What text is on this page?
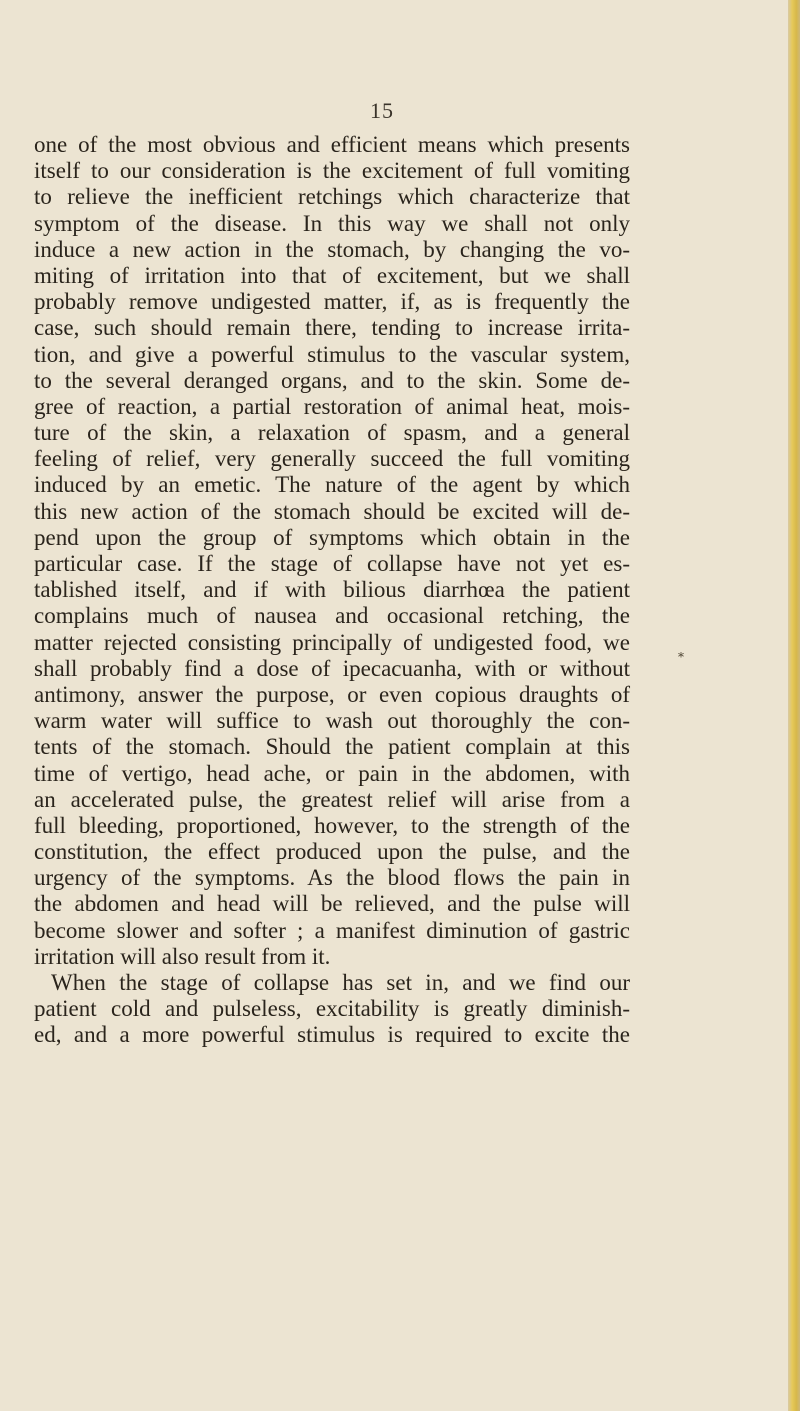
15
one of the most obvious and efficient means which presents
itself to our consideration is the excitement of full vomiting
to relieve the inefficient retchings which characterize that
symptom of the disease. In this way we shall not only
induce a new action in the stomach, by changing the vo-
miting of irritation into that of excitement, but we shall
probably remove undigested matter, if, as is frequently the
case, such should remain there, tending to increase irrita-
tion, and give a powerful stimulus to the vascular system,
to the several deranged organs, and to the skin. Some de-
gree of reaction, a partial restoration of animal heat, mois-
ture of the skin, a relaxation of spasm, and a general
feeling of relief, very generally succeed the full vomiting
induced by an emetic. The nature of the agent by which
this new action of the stomach should be excited will de-
pend upon the group of symptoms which obtain in the
particular case. If the stage of collapse have not yet es-
tablished itself, and if with bilious diarrhœa the patient
complains much of nausea and occasional retching, the
matter rejected consisting principally of undigested food, we
shall probably find a dose of ipecacuanha, with or without
antimony, answer the purpose, or even copious draughts of
warm water will suffice to wash out thoroughly the con-
tents of the stomach. Should the patient complain at this
time of vertigo, head ache, or pain in the abdomen, with
an accelerated pulse, the greatest relief will arise from a
full bleeding, proportioned, however, to the strength of the
constitution, the effect produced upon the pulse, and the
urgency of the symptoms. As the blood flows the pain in
the abdomen and head will be relieved, and the pulse will
become slower and softer ; a manifest diminution of gastric
irritation will also result from it.
When the stage of collapse has set in, and we find our
patient cold and pulseless, excitability is greatly diminish-
ed, and a more powerful stimulus is required to excite the
*
